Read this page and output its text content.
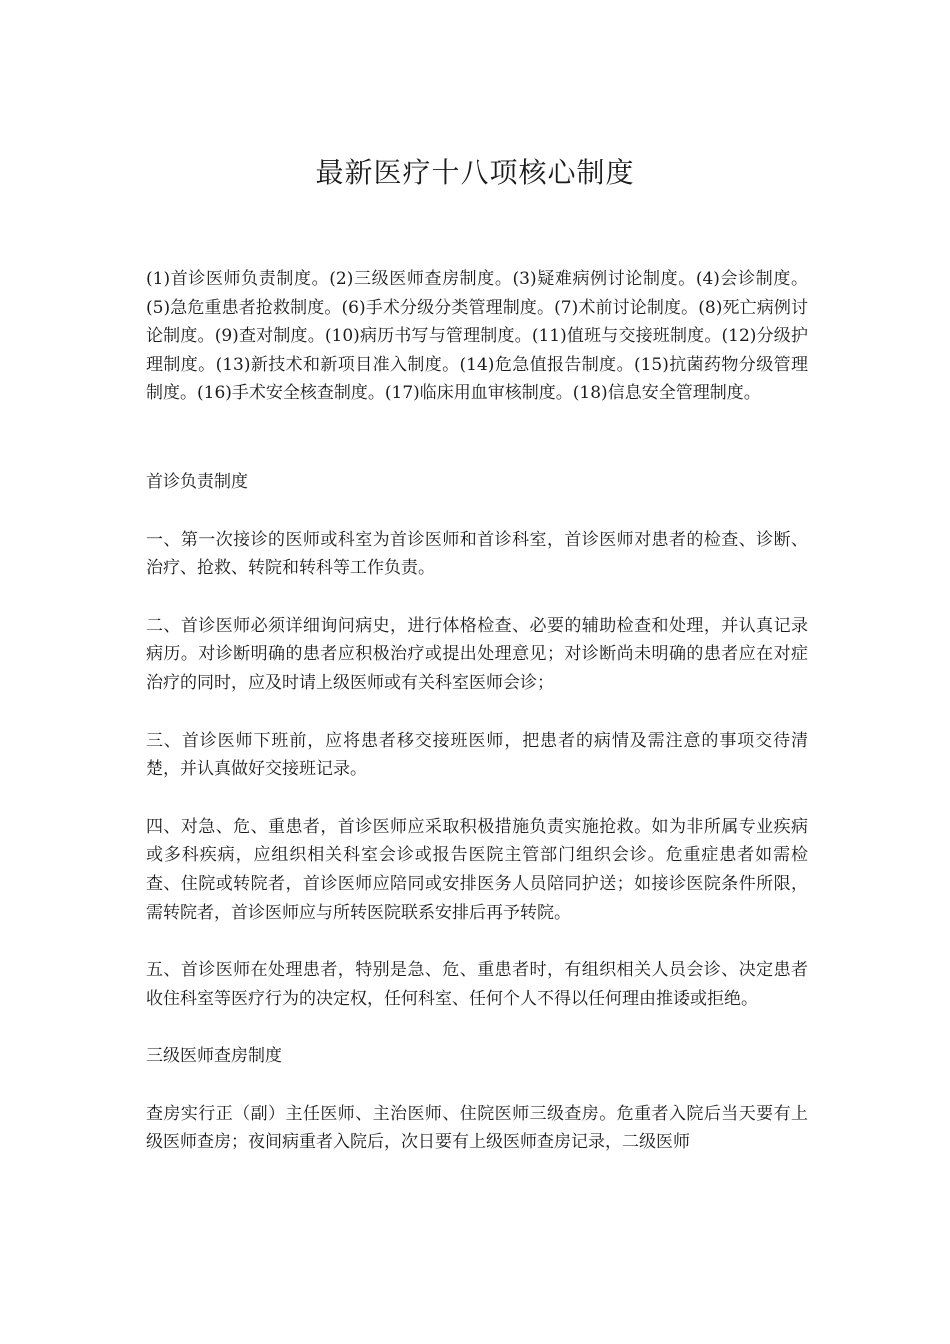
最新医疗十八项核心制度

(1)首诊医师负责制度。(2)三级医师查房制度。(3)疑难病例讨论制度。(4)会诊制度。(5)急危重患者抢救制度。(6)手术分级分类管理制度。(7)术前讨论制度。(8)死亡病例讨论制度。(9)查对制度。(10)病历书写与管理制度。(11)值班与交接班制度。(12)分级护理制度。(13)新技术和新项目准入制度。(14)危急值报告制度。(15)抗菌药物分级管理制度。(16)手术安全核查制度。(17)临床用血审核制度。(18)信息安全管理制度。

首诊负责制度

一、第一次接诊的医师或科室为首诊医师和首诊科室，首诊医师对患者的检查、诊断、治疗、抢救、转院和转科等工作负责。

二、首诊医师必须详细询问病史，进行体格检查、必要的辅助检查和处理，并认真记录病历。对诊断明确的患者应积极治疗或提出处理意见；对诊断尚未明确的患者应在对症治疗的同时，应及时请上级医师或有关科室医师会诊；

三、首诊医师下班前，应将患者移交接班医师，把患者的病情及需注意的事项交待清楚，并认真做好交接班记录。

四、对急、危、重患者，首诊医师应采取积极措施负责实施抢救。如为非所属专业疾病或多科疾病，应组织相关科室会诊或报告医院主管部门组织会诊。危重症患者如需检查、住院或转院者，首诊医师应陪同或安排医务人员陪同护送；如接诊医院条件所限，需转院者，首诊医师应与所转医院联系安排后再予转院。

五、首诊医师在处理患者，特别是急、危、重患者时，有组织相关人员会诊、决定患者收住科室等医疗行为的决定权，任何科室、任何个人不得以任何理由推诿或拒绝。

三级医师查房制度

查房实行正（副）主任医师、主治医师、住院医师三级查房。危重者入院后当天要有上级医师查房；夜间病重者入院后，次日要有上级医师查房记录，二级医师
